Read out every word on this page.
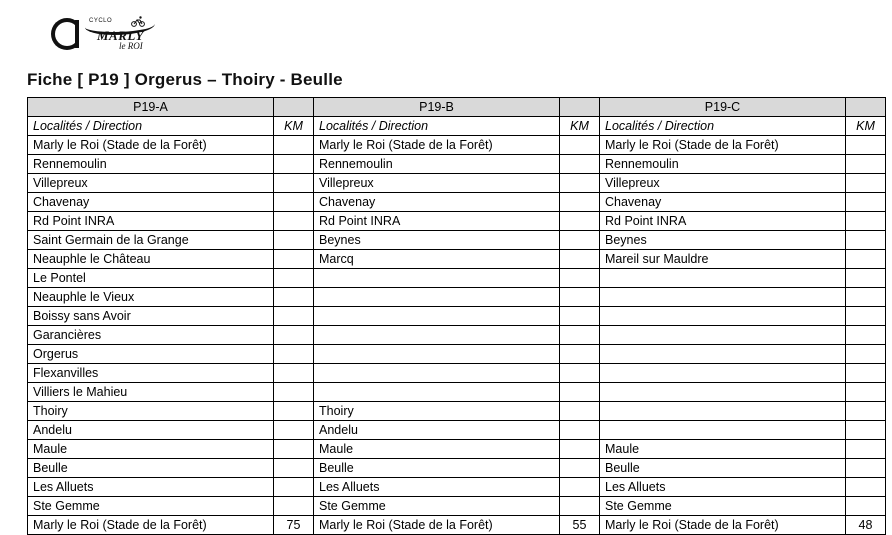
CYCLO
MARLY
le ROI
Fiche [ P19 ] Orgerus – Thoiry - Beulle
P19-A		P19-B		P19-C	
Localités / Direction	KM	Localités / Direction	KM	Localités / Direction	KM
Marly le Roi (Stade de la Forêt)		Marly le Roi (Stade de la Forêt)		Marly le Roi (Stade de la Forêt)	
Rennemoulin		Rennemoulin		Rennemoulin	
Villepreux		Villepreux		Villepreux	
Chavenay		Chavenay		Chavenay	
Rd Point INRA		Rd Point INRA		Rd Point INRA	
Saint Germain de la Grange		Beynes		Beynes	
Neauphle le Château		Marcq		Mareil sur Mauldre	
Le Pontel					
Neauphle le Vieux					
Boissy sans Avoir					
Garancières					
Orgerus					
Flexanvilles					
Villiers le Mahieu					
Thoiry		Thoiry			
Andelu		Andelu			
Maule		Maule		Maule	
Beulle		Beulle		Beulle	
Les Alluets		Les Alluets		Les Alluets	
Ste Gemme		Ste Gemme		Ste Gemme	
Marly le Roi (Stade de la Forêt)	75	Marly le Roi (Stade de la Forêt)	55	Marly le Roi (Stade de la Forêt)	48
